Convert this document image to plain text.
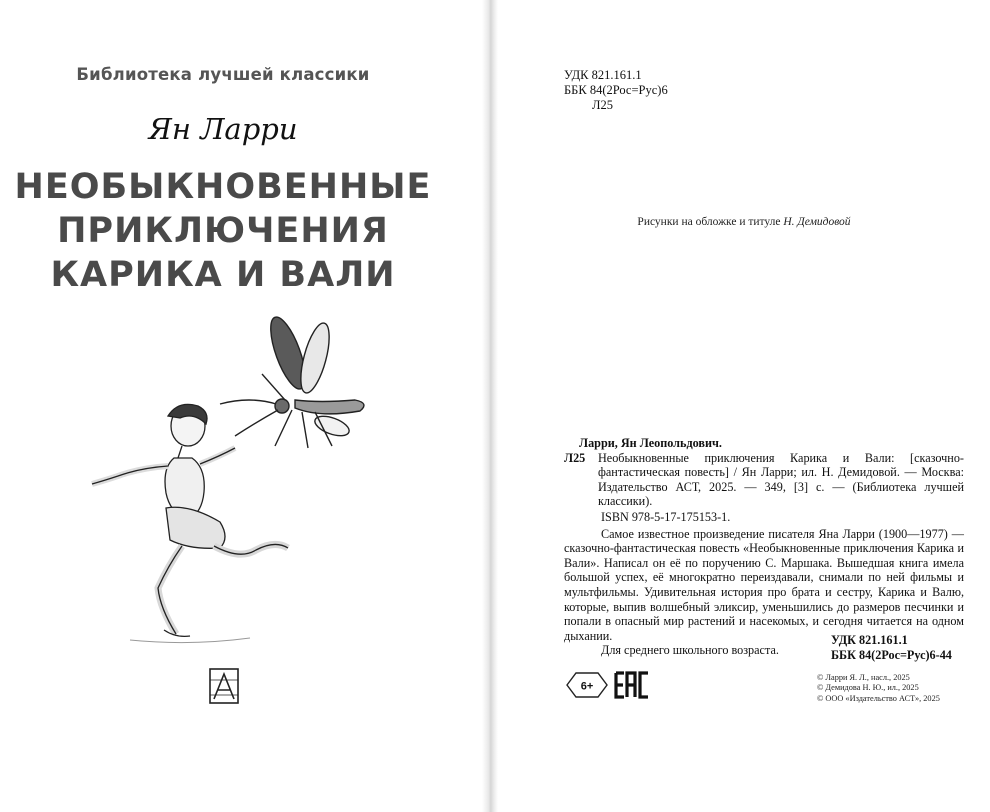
Библиотека лучшей классики
Ян Ларри
НЕОБЫКНОВЕННЫЕ
ПРИКЛЮЧЕНИЯ
КАРИКА И ВАЛИ
УДК 821.161.1
ББК 84(2Рос=Рус)6
Л25
Рисунки на обложке и титуле Н. Демидовой
Ларри, Ян Леопольдович.
Л25	Необыкновенные приключения Карика и Вали: [сказочно-фантастическая повесть] / Ян Ларри; ил. Н. Демидовой. — Москва: Издательство АСТ, 2025. — 349, [3] с. — (Библиотека лучшей классики).
ISBN 978-5-17-175153-1.
Самое известное произведение писателя Яна Ларри (1900—1977) — сказочно-фантастическая повесть «Необыкновенные приключения Карика и Вали». Написал он её по поручению С. Маршака. Вышедшая книга имела большой успех, её многократно переиздавали, снимали по ней фильмы и мультфильмы. Удивительная история про брата и сестру, Карика и Валю, которые, выпив волшебный эликсир, уменьшились до размеров песчинки и попали в опасный мир растений и насекомых, и сегодня читается на одном дыхании.
Для среднего школьного возраста.
УДК 821.161.1
ББК 84(2Рос=Рус)6-44
6+
© Ларри Я. Л., насл., 2025
© Демидова Н. Ю., ил., 2025
© ООО «Издательство АСТ», 2025
